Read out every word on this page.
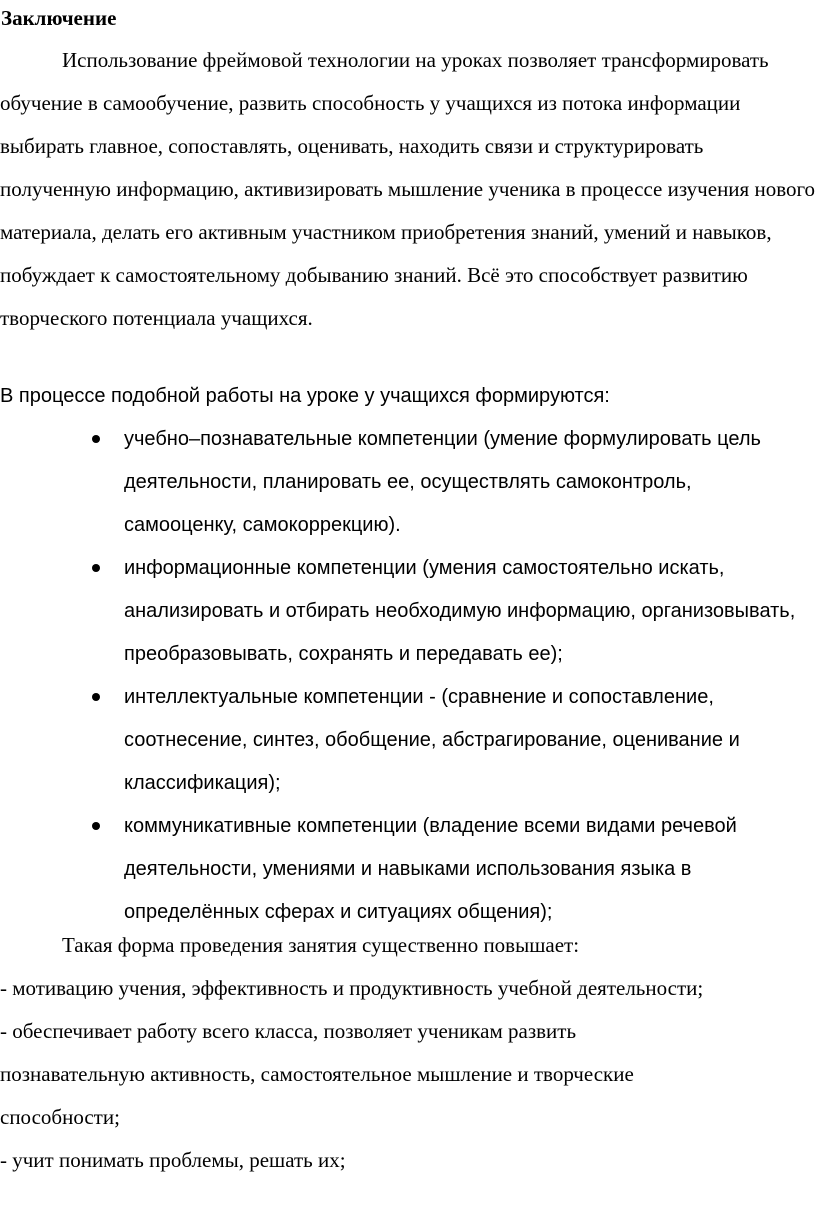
Заключение

Использование фреймовой технологии на уроках позволяет трансформировать обучение в самообучение, развить способность у учащихся из потока информации выбирать главное, сопоставлять, оценивать, находить связи и структурировать полученную информацию, активизировать мышление ученика в процессе изучения нового материала, делать его активным участником приобретения знаний, умений и навыков, побуждает к самостоятельному добыванию знаний. Всё это способствует развитию творческого потенциала учащихся.

В процессе подобной работы на уроке у учащихся формируются:

учебно–познавательные компетенции (умение формулировать цель деятельности, планировать ее, осуществлять самоконтроль, самооценку, самокоррекцию).
информационные компетенции (умения самостоятельно искать, анализировать и отбирать необходимую информацию, организовывать, преобразовывать, сохранять и передавать ее);
интеллектуальные компетенции - (сравнение и сопоставление, соотнесение, синтез, обобщение, абстрагирование, оценивание и классификация);
коммуникативные компетенции (владение всеми видами речевой деятельности, умениями и навыками использования языка в определённых сферах и ситуациях общения);

Такая форма проведения занятия существенно повышает:

- мотивацию учения, эффективность и продуктивность учебной деятельности;
- обеспечивает работу всего класса, позволяет ученикам развить познавательную активность, самостоятельное мышление и творческие способности;
- учит понимать проблемы, решать их;
